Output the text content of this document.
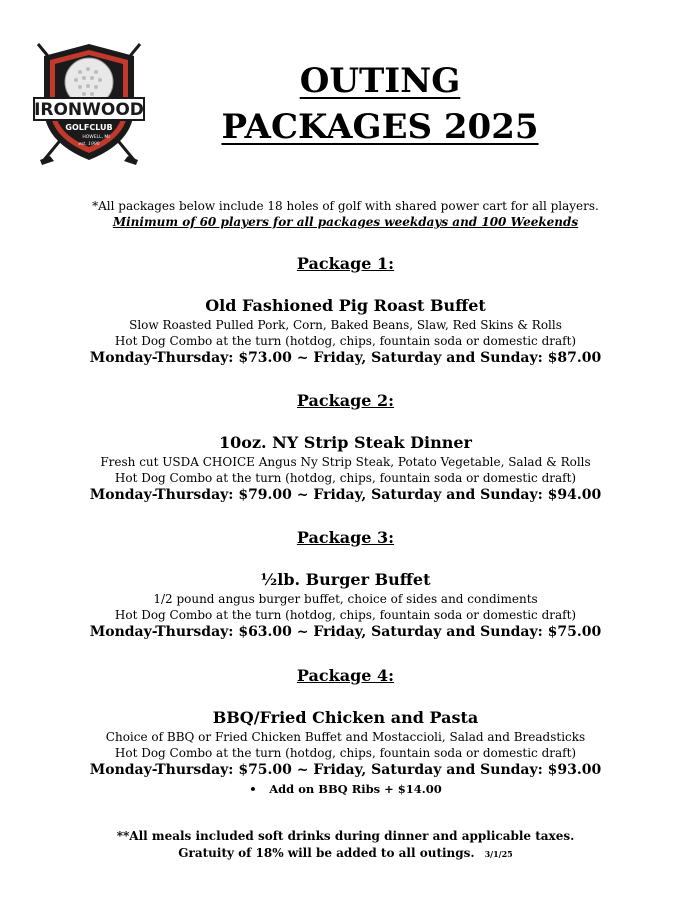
IRONWOOD
GOLFCLUB
HOWELL, MI
est. 1990
OUTING
PACKAGES 2025
*All packages below include 18 holes of golf with shared power cart for all players.
Minimum of 60 players for all packages weekdays and 100 Weekends
Package 1:
Old Fashioned Pig Roast Buffet
Slow Roasted Pulled Pork, Corn, Baked Beans, Slaw, Red Skins & Rolls
Hot Dog Combo at the turn (hotdog, chips, fountain soda or domestic draft)
Monday-Thursday: $73.00 ~ Friday, Saturday and Sunday: $87.00
Package 2:
10oz. NY Strip Steak Dinner
Fresh cut USDA CHOICE Angus Ny Strip Steak, Potato Vegetable, Salad & Rolls
Hot Dog Combo at the turn (hotdog, chips, fountain soda or domestic draft)
Monday-Thursday: $79.00 ~ Friday, Saturday and Sunday: $94.00
Package 3:
½lb. Burger Buffet
1/2 pound angus burger buffet, choice of sides and condiments
Hot Dog Combo at the turn (hotdog, chips, fountain soda or domestic draft)
Monday-Thursday: $63.00 ~ Friday, Saturday and Sunday: $75.00
Package 4:
BBQ/Fried Chicken and Pasta
Choice of BBQ or Fried Chicken Buffet and Mostaccioli, Salad and Breadsticks
Hot Dog Combo at the turn (hotdog, chips, fountain soda or domestic draft)
Monday-Thursday: $75.00 ~ Friday, Saturday and Sunday: $93.00
• Add on BBQ Ribs + $14.00
**All meals included soft drinks during dinner and applicable taxes.
Gratuity of 18% will be added to all outings. 3/1/25
